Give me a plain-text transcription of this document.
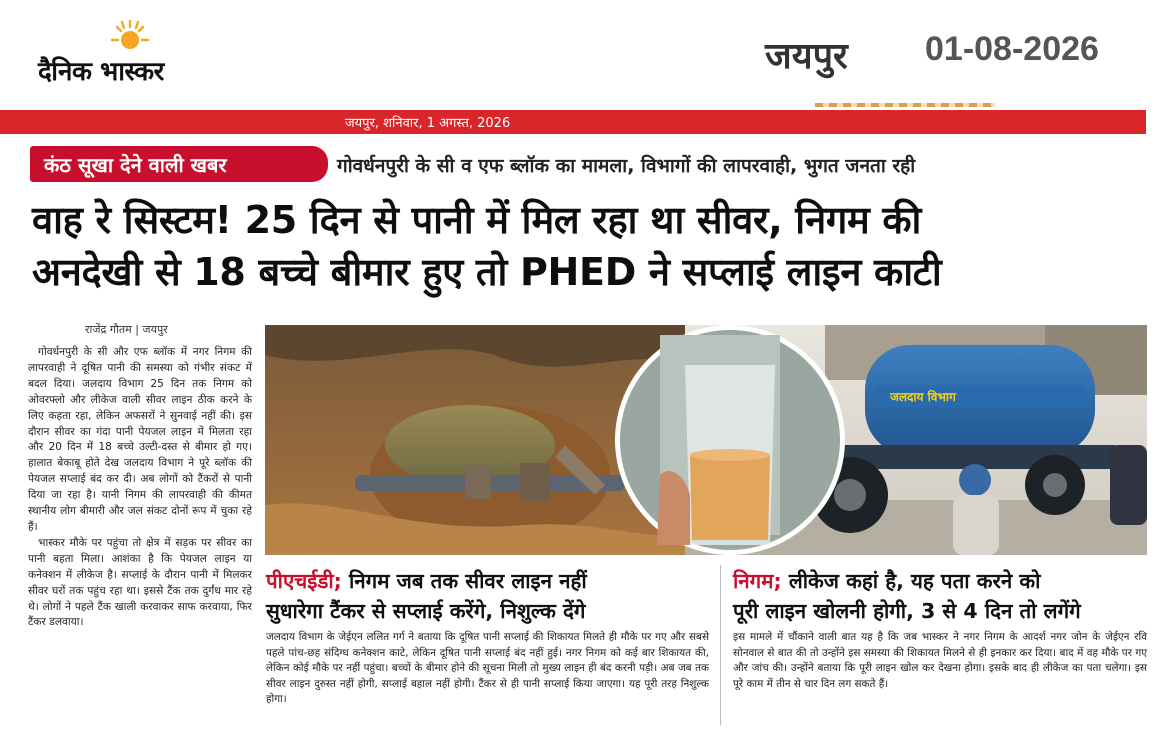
दैनिक भास्कर	जयपुर 01-08-2026
जयपुर, शनिवार, 1 अगस्त, 2026
कंठ सूखा देने वाली खबर	गोवर्धनपुरी के सी व एफ ब्लॉक का मामला, विभागों की लापरवाही, भुगत जनता रही
वाह रे सिस्टम! 25 दिन से पानी में मिल रहा था सीवर, निगम की
अनदेखी से 18 बच्चे बीमार हुए तो PHED ने सप्लाई लाइन काटी
राजेंद्र गौतम | जयपुर

गोवर्धनपुरी के सी और एफ ब्लॉक में नगर निगम की लापरवाही ने दूषित पानी की समस्या को गंभीर संकट में बदल दिया। जलदाय विभाग 25 दिन तक निगम को ओवरफ्लो और लीकेज वाली सीवर लाइन ठीक करने के लिए कहता रहा, लेकिन अफसरों ने सुनवाई नहीं की। इस दौरान सीवर का गंदा पानी पेयजल लाइन में मिलता रहा और 20 दिन में 18 बच्चे उल्टी-दस्त से बीमार हो गए। हालात बेकाबू होते देख जलदाय विभाग ने पूरे ब्लॉक की पेयजल सप्लाई बंद कर दी। अब लोगों को टैंकरों से पानी दिया जा रहा है। यानी निगम की लापरवाही की कीमत स्थानीय लोग बीमारी और जल संकट दोनों रूप में चुका रहे हैं।

भास्कर मौके पर पहुंचा तो क्षेत्र में सड़क पर सीवर का पानी बहता मिला। आशंका है कि पेयजल लाइन या कनेक्शन में लीकेज है। सप्लाई के दौरान पानी में मिलकर सीवर घरों तक पहुंच रहा था। इससे टैंक तक दुर्गंध मार रहे थे। लोगों ने पहले टैंक खाली करवाकर साफ करवाया, फिर टैंकर डलवाया।

जलदाय विभाग
पीएचईडी; निगम जब तक सीवर लाइन नहीं
सुधारेगा टैंकर से सप्लाई करेंगे, निशुल्क देंगे
जलदाय विभाग के जेईएन ललित गर्ग ने बताया कि दूषित पानी सप्लाई की शिकायत मिलते ही मौके पर गए और सबसे पहले पांच-छह संदिग्ध कनेक्शन काटे, लेकिन दूषित पानी सप्लाई बंद नहीं हुई। नगर निगम को कई बार शिकायत की, लेकिन कोई मौके पर नहीं पहुंचा। बच्चों के बीमार होने की सूचना मिली तो मुख्य लाइन ही बंद करनी पड़ी। अब जब तक सीवर लाइन दुरुस्त नहीं होगी, सप्लाई बहाल नहीं होगी। टैंकर से ही पानी सप्लाई किया जाएगा। यह पूरी तरह निशुल्क होगा।
निगम; लीकेज कहां है, यह पता करने को
पूरी लाइन खोलनी होगी, 3 से 4 दिन तो लगेंगे
इस मामले में चौंकाने वाली बात यह है कि जब भास्कर ने नगर निगम के आदर्श नगर जोन के जेईएन रवि सोनवाल से बात की तो उन्होंने इस समस्या की शिकायत मिलने से ही इनकार कर दिया। बाद में वह मौके पर गए और जांच की। उन्होंने बताया कि पूरी लाइन खोल कर देखना होगा। इसके बाद ही लीकेज का पता चलेगा। इस पूरे काम में तीन से चार दिन लग सकते हैं।
